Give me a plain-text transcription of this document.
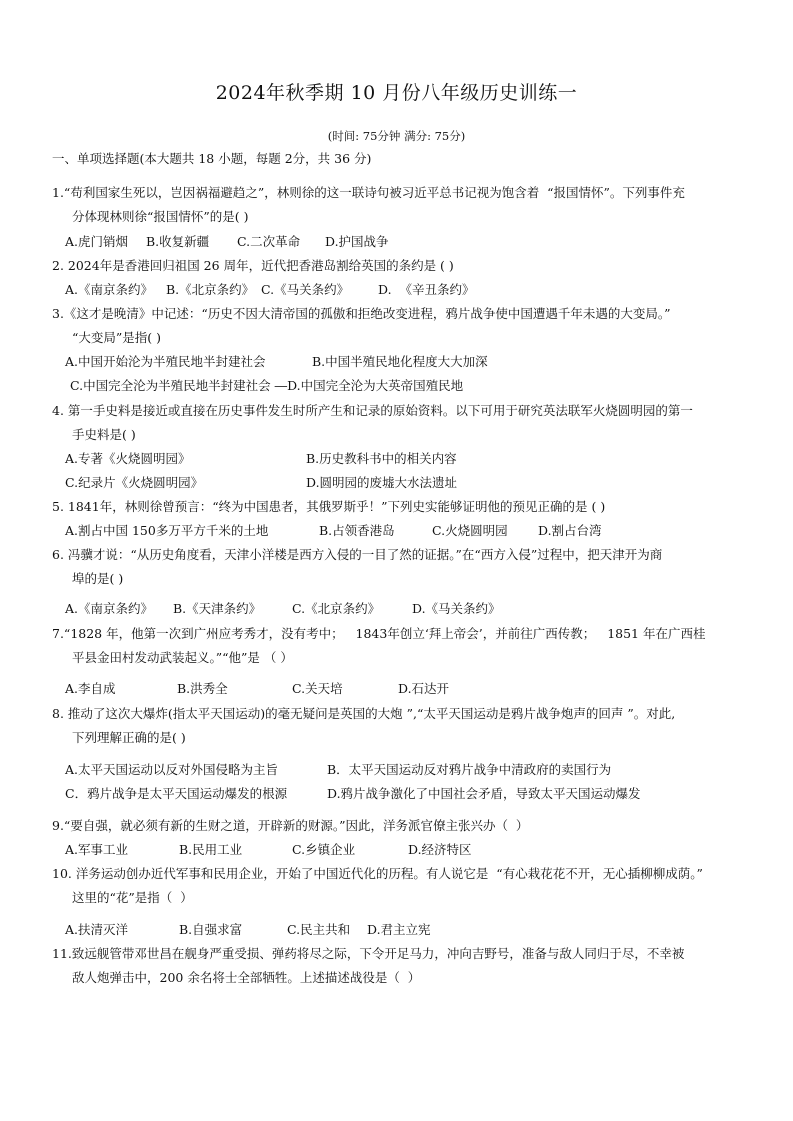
2024年秋季期 10 月份八年级历史训练一
(时间: 75分钟 满分: 75分)
一、单项选择题(本大题共 18 小题，每题 2分，共 36 分)
1.“苟利国家生死以，岂因祸福避趋之”，林则徐的这一联诗句被习近平总书记视为饱含着  “报国情怀”。下列事件充
分体现林则徐“报国情怀”的是( )
A.虎门销烟 B.收复新疆 C.二次革命 D.护国战争
2. 2024年是香港回归祖国 26 周年，近代把香港岛割给英国的条约是 ( )
A.《南京条约》 B.《北京条约》 C.《马关条约》 D.  《辛丑条约》
3.《这才是晚清》中记述：“历史不因大清帝国的孤傲和拒绝改变进程，鸦片战争使中国遭遇千年未遇的大变局。”
“大变局”是指( )
A.中国开始沦为半殖民地半封建社会	B.中国半殖民地化程度大大加深
C.中国完全沦为半殖民地半封建社会 ―D.中国完全沦为大英帝国殖民地
4. 第一手史料是接近或直接在历史事件发生时所产生和记录的原始资料。以下可用于研究英法联军火烧圆明园的第一
手史料是( )
A.专著《火烧圆明园》	B.历史教科书中的相关内容
C.纪录片《火烧圆明园》	D.圆明园的废墟大水法遗址
5. 1841年，林则徐曾预言：“终为中国患者，其俄罗斯乎！”下列史实能够证明他的预见正确的是 ( )
A.割占中国 150多万平方千米的土地	B.占领香港岛	C.火烧圆明园 D.割占台湾
6. 冯骥才说：“从历史角度看，天津小洋楼是西方入侵的一目了然的证据。”在“西方入侵”过程中，把天津开为商
埠的是( )
A.《南京条约》 B.《天津条约》 C.《北京条约》	D.《马关条约》
7.“1828 年，他第一次到广州应考秀才，没有考中；   1843年创立‘拜上帝会’，并前往广西传教；   1851 年在广西桂
平县金田村发动武装起义。”“他”是 （ ）
A.李自成	B.洪秀全	C.关天培	D.石达开
8. 推动了这次大爆炸(指太平天国运动)的毫无疑问是英国的大炮 ”,“太平天国运动是鸦片战争炮声的回声 ”。对此,
下列理解正确的是( )
A.太平天国运动以反对外国侵略为主旨	B．太平天国运动反对鸦片战争中清政府的卖国行为
C．鸦片战争是太平天国运动爆发的根源	D.鸦片战争激化了中国社会矛盾，导致太平天国运动爆发
9.“要自强，就必须有新的生财之道，开辟新的财源。”因此，洋务派官僚主张兴办（  ）
A.军事工业	B.民用工业	C.乡镇企业	D.经济特区
10. 洋务运动创办近代军事和民用企业，开始了中国近代化的历程。有人说它是  “有心栽花花不开，无心插柳柳成荫。”
这里的“花”是指（  ）
A.扶清灭洋	B.自强求富	C.民主共和 D.君主立宪
11.致远舰管带邓世昌在舰身严重受损、弹药将尽之际，下令开足马力，冲向吉野号，准备与敌人同归于尽，不幸被
敌人炮弹击中，200 余名将士全部牺牲。上述描述战役是（  ）
